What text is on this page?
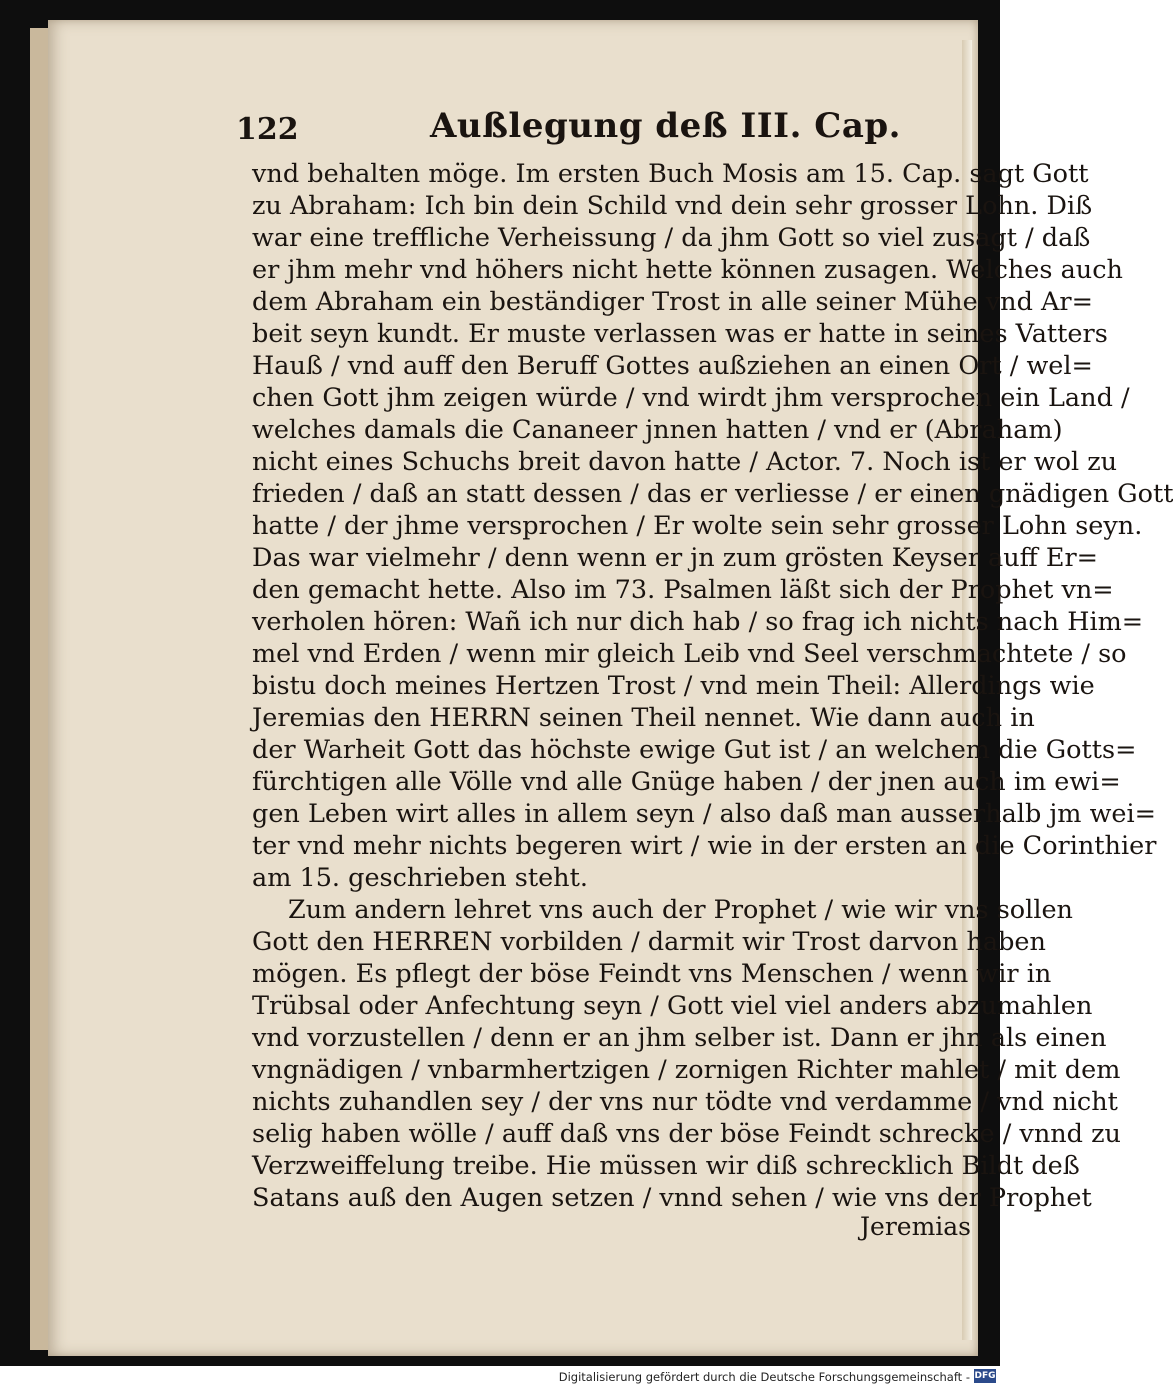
122	Außlegung deß III. Cap.
vnd behalten möge. Im ersten Buch Mosis am 15. Cap. sagt Gott
zu Abraham: Ich bin dein Schild vnd dein sehr grosser Lohn. Diß
war eine treffliche Verheissung / da jhm Gott so viel zusagt / daß
er jhm mehr vnd höhers nicht hette können zusagen. Welches auch
dem Abraham ein beständiger Trost in alle seiner Mühe vnd Ar=
beit seyn kundt. Er muste verlassen was er hatte in seines Vatters
Hauß / vnd auff den Beruff Gottes außziehen an einen Ort / wel=
chen Gott jhm zeigen würde / vnd wirdt jhm versprochen ein Land /
welches damals die Cananeer jnnen hatten / vnd er (Abraham)
nicht eines Schuchs breit davon hatte / Actor. 7. Noch ist er wol zu
frieden / daß an statt dessen / das er verliesse / er einen gnädigen Gott
hatte / der jhme versprochen / Er wolte sein sehr grosser Lohn seyn.
Das war vielmehr / denn wenn er jn zum grösten Keyser auff Er=
den gemacht hette. Also im 73. Psalmen läßt sich der Prophet vn=
verholen hören: Wañ ich nur dich hab / so frag ich nichts nach Him=
mel vnd Erden / wenn mir gleich Leib vnd Seel verschmachtete / so
bistu doch meines Hertzen Trost / vnd mein Theil: Allerdings wie
Jeremias den HERRN seinen Theil nennet. Wie dann auch in
der Warheit Gott das höchste ewige Gut ist / an welchem die Gotts=
fürchtigen alle Völle vnd alle Gnüge haben / der jnen auch im ewi=
gen Leben wirt alles in allem seyn / also daß man ausserhalb jm wei=
ter vnd mehr nichts begeren wirt / wie in der ersten an die Corinthier
am 15. geschrieben steht.
Zum andern lehret vns auch der Prophet / wie wir vns sollen
Gott den HERREN vorbilden / darmit wir Trost darvon haben
mögen. Es pflegt der böse Feindt vns Menschen / wenn wir in
Trübsal oder Anfechtung seyn / Gott viel viel anders abzumahlen
vnd vorzustellen / denn er an jhm selber ist. Dann er jhn als einen
vngnädigen / vnbarmhertzigen / zornigen Richter mahlet / mit dem
nichts zuhandlen sey / der vns nur tödte vnd verdamme / vnd nicht
selig haben wölle / auff daß vns der böse Feindt schrecke / vnnd zu
Verzweiffelung treibe. Hie müssen wir diß schrecklich Bildt deß
Satans auß den Augen setzen / vnnd sehen / wie vns der Prophet
Jeremias
Digitalisierung gefördert durch die Deutsche Forschungsgemeinschaft - DFG
